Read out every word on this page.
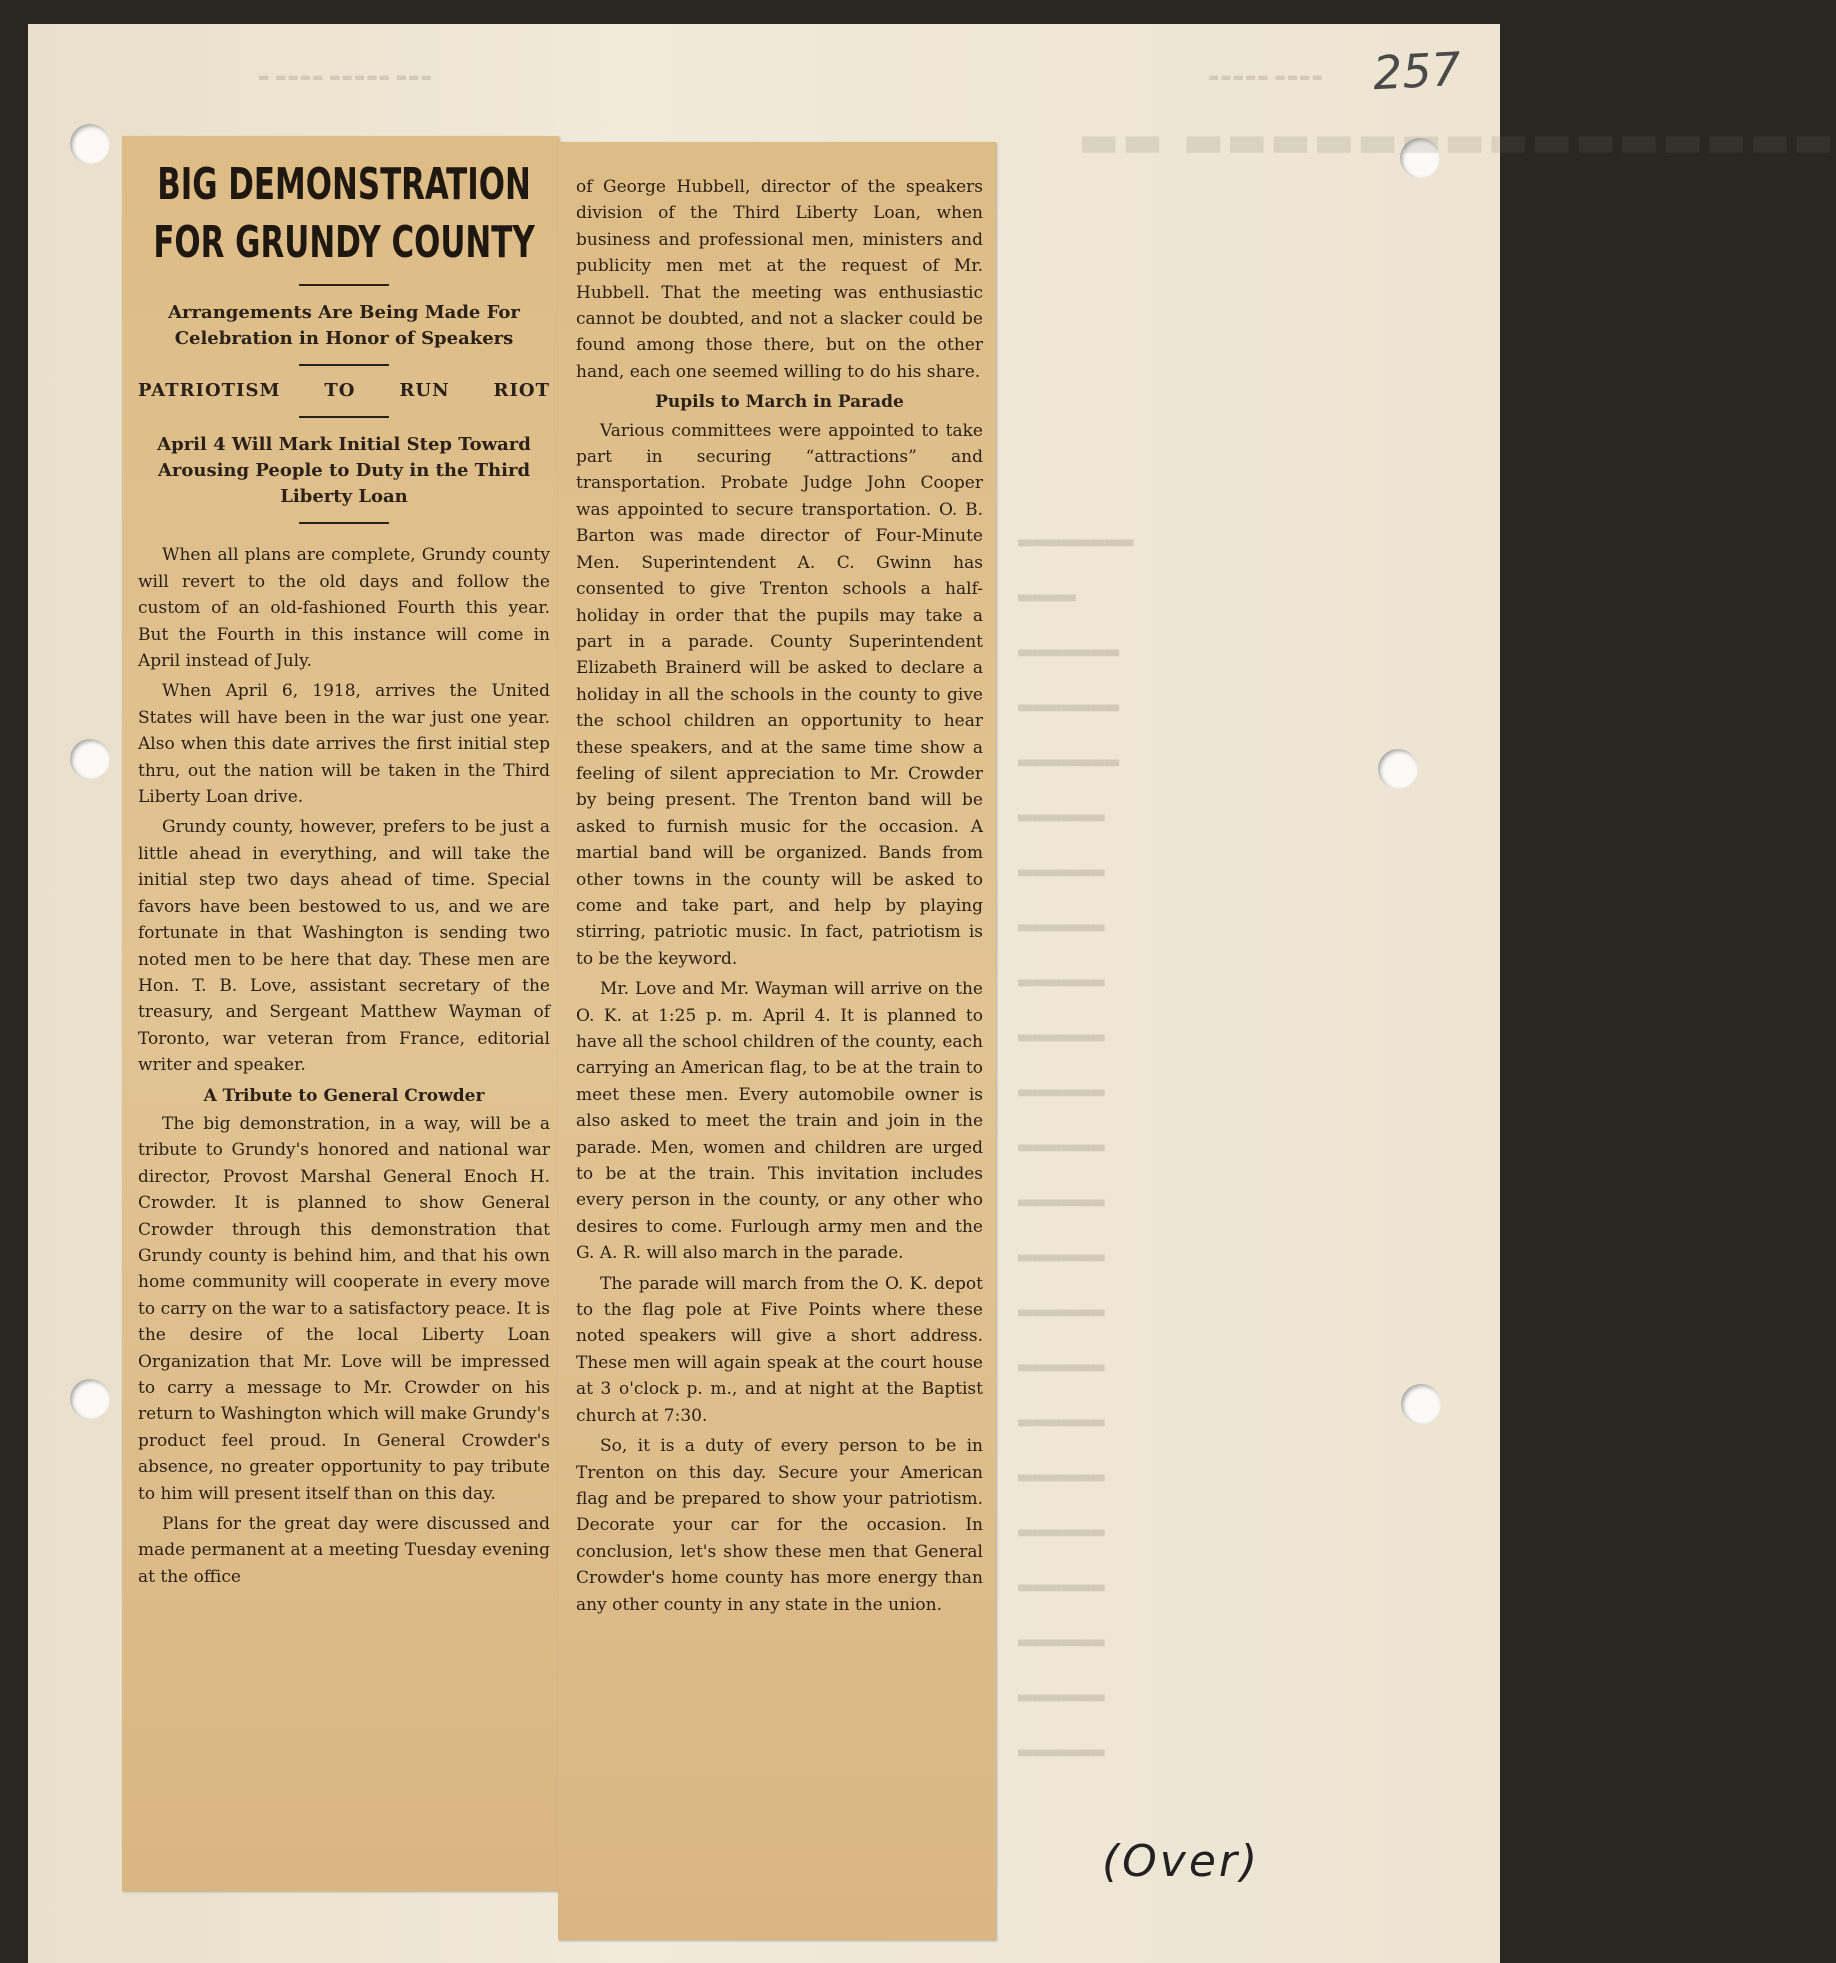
▬ ▬▬▬▬ ▬▬▬▬▬ ▬▬▬	▬▬▬▬▬ ▬▬▬▬
▬▬ ▬▬▬▬▬▬▬▬▬▬▬▬▬▬▬
▬▬▬▬▬▬▬▬
▬▬▬▬
▬▬▬▬▬▬▬
▬▬▬▬▬▬▬
▬▬▬▬▬▬▬
▬▬▬▬▬▬
▬▬▬▬▬▬
▬▬▬▬▬▬
▬▬▬▬▬▬
▬▬▬▬▬▬
▬▬▬▬▬▬
▬▬▬▬▬▬
▬▬▬▬▬▬
▬▬▬▬▬▬
▬▬▬▬▬▬
▬▬▬▬▬▬
▬▬▬▬▬▬
▬▬▬▬▬▬
▬▬▬▬▬▬
▬▬▬▬▬▬
▬▬▬▬▬▬
▬▬▬▬▬▬
▬▬▬▬▬▬
257
BIG DEMONSTRATION
FOR GRUNDY COUNTY
Arrangements Are Being Made For Celebration in Honor of Speakers
PATRIOTISM TO RUN RIOT
April 4 Will Mark Initial Step Toward Arousing People to Duty in the Third Liberty Loan

When all plans are complete, Grundy county will revert to the old days and follow the custom of an old-fashioned Fourth this year. But the Fourth in this instance will come in April instead of July.

When April 6, 1918, arrives the United States will have been in the war just one year. Also when this date arrives the first initial step thru, out the nation will be taken in the Third Liberty Loan drive.

Grundy county, however, prefers to be just a little ahead in everything, and will take the initial step two days ahead of time. Special favors have been bestowed to us, and we are fortunate in that Washington is sending two noted men to be here that day. These men are Hon. T. B. Love, assistant secretary of the treasury, and Sergeant Matthew Wayman of Toronto, war veteran from France, editorial writer and speaker.

A Tribute to General Crowder

The big demonstration, in a way, will be a tribute to Grundy's honored and national war director, Provost Marshal General Enoch H. Crowder. It is planned to show General Crowder through this demonstration that Grundy county is behind him, and that his own home community will cooperate in every move to carry on the war to a satisfactory peace. It is the desire of the local Liberty Loan Organization that Mr. Love will be impressed to carry a message to Mr. Crowder on his return to Washington which will make Grundy's product feel proud. In General Crowder's absence, no greater opportunity to pay tribute to him will present itself than on this day.

Plans for the great day were discussed and made permanent at a meeting Tuesday evening at the office

of George Hubbell, director of the speakers division of the Third Liberty Loan, when business and professional men, ministers and publicity men met at the request of Mr. Hubbell. That the meeting was enthusiastic cannot be doubted, and not a slacker could be found among those there, but on the other hand, each one seemed willing to do his share.

Pupils to March in Parade

Various committees were appointed to take part in securing “attractions” and transportation. Probate Judge John Cooper was appointed to secure transportation. O. B. Barton was made director of Four-Minute Men. Superintendent A. C. Gwinn has consented to give Trenton schools a half-holiday in order that the pupils may take a part in a parade. County Superintendent Elizabeth Brainerd will be asked to declare a holiday in all the schools in the county to give the school children an opportunity to hear these speakers, and at the same time show a feeling of silent appreciation to Mr. Crowder by being present. The Trenton band will be asked to furnish music for the occasion. A martial band will be organized. Bands from other towns in the county will be asked to come and take part, and help by playing stirring, patriotic music. In fact, patriotism is to be the keyword.

Mr. Love and Mr. Wayman will arrive on the O. K. at 1:25 p. m. April 4. It is planned to have all the school children of the county, each carrying an American flag, to be at the train to meet these men. Every automobile owner is also asked to meet the train and join in the parade. Men, women and children are urged to be at the train. This invitation includes every person in the county, or any other who desires to come. Furlough army men and the G. A. R. will also march in the parade.

The parade will march from the O. K. depot to the flag pole at Five Points where these noted speakers will give a short address. These men will again speak at the court house at 3 o'clock p. m., and at night at the Baptist church at 7:30.

So, it is a duty of every person to be in Trenton on this day. Secure your American flag and be prepared to show your patriotism. Decorate your car for the occasion. In conclusion, let's show these men that General Crowder's home county has more energy than any other county in any state in the union.

(Over)
